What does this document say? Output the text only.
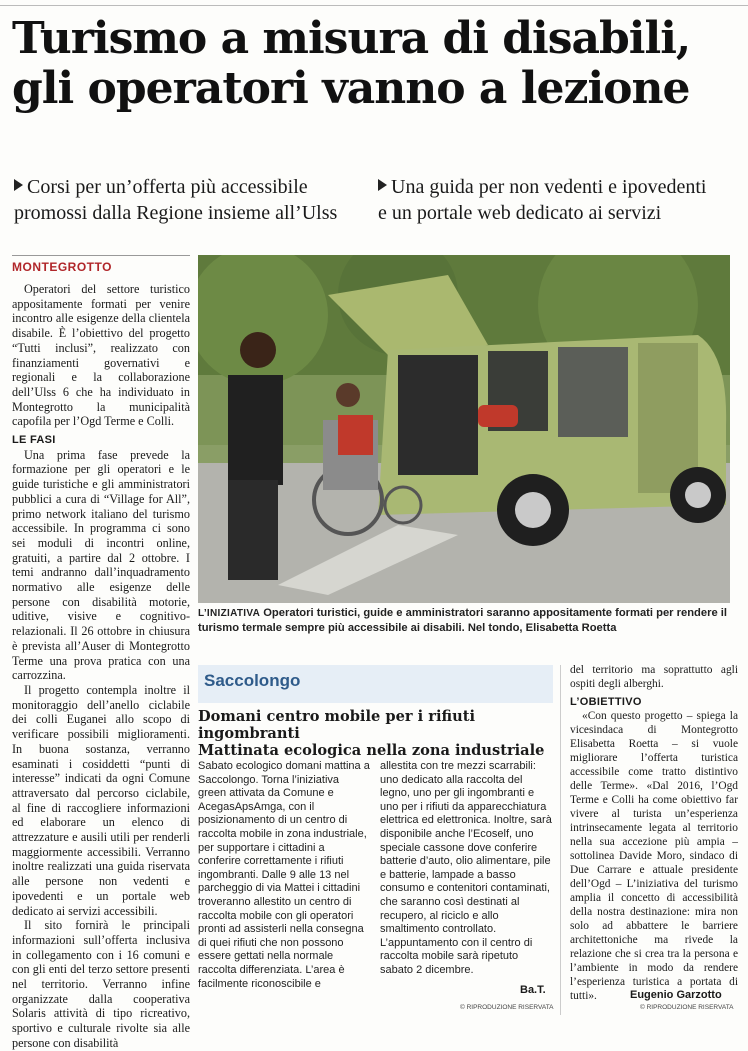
Turismo a misura di disabili,
gli operatori vanno a lezione
Corsi per un’offerta più accessibile
promossi dalla Regione insieme all’Ulss
Una guida per non vedenti e ipovedenti
e un portale web dedicato ai servizi
MONTEGROTTO

Operatori del settore turistico appositamente formati per venire incontro alle esigenze della clientela disabile. È l’obiettivo del progetto “Tutti inclusi”, realizzato con finanziamenti governativi e regionali e la collaborazione dell’Ulss 6 che ha individuato in Montegrotto la municipalità capofila per l’Ogd Terme e Colli.

LE FASI

Una prima fase prevede la formazione per gli operatori e le guide turistiche e gli amministratori pubblici a cura di “Village for All”, primo network italiano del turismo accessibile. In programma ci sono sei moduli di incontri online, gratuiti, a partire dal 2 ottobre. I temi andranno dall’inquadramento normativo alle esigenze delle persone con disabilità motorie, uditive, visive e cognitivo-relazionali. Il 26 ottobre in chiusura è prevista all’Auser di Montegrotto Terme una prova pratica con una carrozzina.

Il progetto contempla inoltre il monitoraggio dell’anello ciclabile dei colli Euganei allo scopo di verificare possibili miglioramenti. In buona sostanza, verranno esaminati i cosiddetti “punti di interesse” indicati da ogni Comune attraversato dal percorso ciclabile, al fine di raccogliere informazioni ed elaborare un elenco di attrezzature e ausili utili per renderli maggiormente accessibili. Verranno inoltre realizzati una guida riservata alle persone non vedenti e ipovedenti e un portale web dedicato ai servizi accessibili.

Il sito fornirà le principali informazioni sull’offerta inclusiva in collegamento con i 16 comuni e con gli enti del terzo settore presenti nel territorio. Verranno infine organizzate dalla cooperativa Solaris attività di tipo ricreativo, sportivo e culturale rivolte sia alle persone con disabilità

L’INIZIATIVA Operatori turistici, guide e amministratori saranno appositamente formati per rendere il turismo termale sempre più accessibile ai disabili. Nel tondo, Elisabetta Roetta
Saccolongo
Domani centro mobile per i rifiuti ingombranti
Mattinata ecologica nella zona industriale
Sabato ecologico domani mattina a Saccolongo. Torna l’iniziativa green attivata da Comune e AcegasApsAmga, con il posizionamento di un centro di raccolta mobile in zona industriale, per supportare i cittadini a conferire correttamente i rifiuti ingombranti. Dalle 9 alle 13 nel parcheggio di via Mattei i cittadini troveranno allestito un centro di raccolta mobile con gli operatori pronti ad assisterli nella consegna di quei rifiuti che non possono essere gettati nella normale raccolta differenziata. L’area è facilmente riconoscibile e
allestita con tre mezzi scarrabili: uno dedicato alla raccolta del legno, uno per gli ingombranti e uno per i rifiuti da apparecchiatura elettrica ed elettronica. Inoltre, sarà disponibile anche l’Ecoself, uno speciale cassone dove conferire batterie d’auto, olio alimentare, pile e batterie, lampade a basso consumo e contenitori contaminati, che saranno così destinati al recupero, al riciclo e allo smaltimento controllato. L’appuntamento con il centro di raccolta mobile sarà ripetuto sabato 2 dicembre.
Ba.T.
© RIPRODUZIONE RISERVATA

del territorio ma soprattutto agli ospiti degli alberghi.

L’OBIETTIVO

«Con questo progetto – spiega la vicesindaca di Montegrotto Elisabetta Roetta – si vuole migliorare l’offerta turistica accessibile come tratto distintivo delle Terme». «Dal 2016, l’Ogd Terme e Colli ha come obiettivo far vivere al turista un’esperienza intrinsecamente legata al territorio nella sua accezione più ampia – sottolinea Davide Moro, sindaco di Due Carrare e attuale presidente dell’Ogd – L’iniziativa del turismo amplia il concetto di accessibilità della nostra destinazione: mira non solo ad abbattere le barriere architettoniche ma rivede la relazione che si crea tra la persona e l’ambiente in modo da rendere l’esperienza turistica a portata di tutti».	Eugenio Garzotto
© RIPRODUZIONE RISERVATA
